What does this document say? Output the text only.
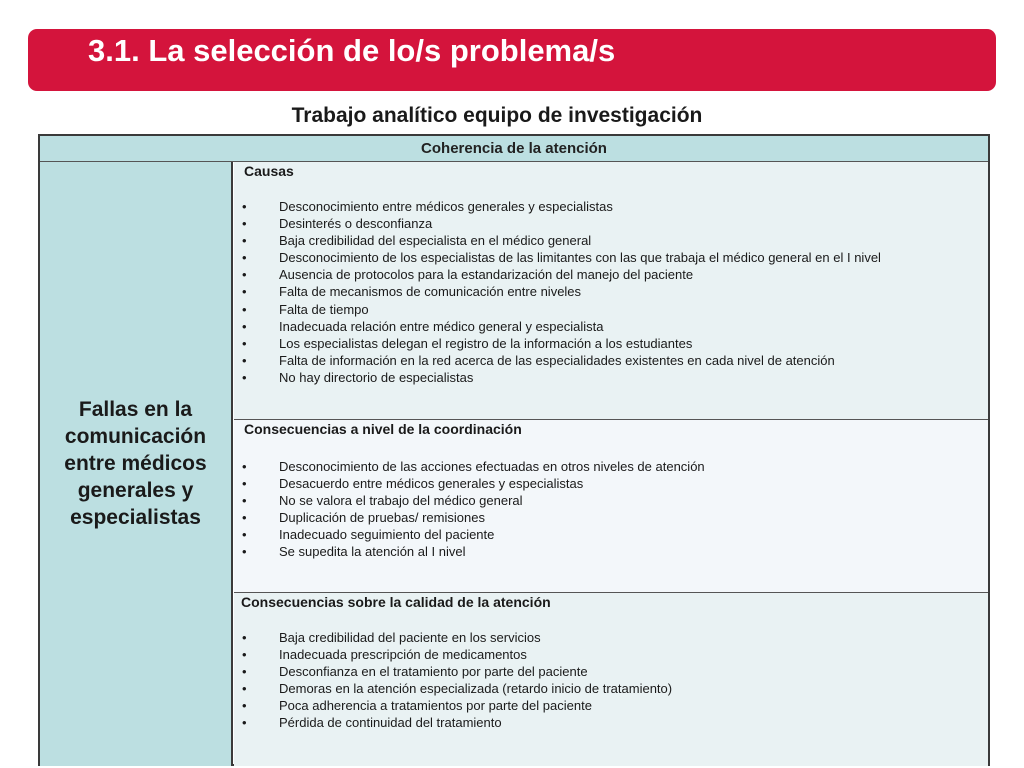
3.1. La selección de lo/s problema/s
Trabajo analítico equipo de investigación
Coherencia de la atención
Fallas en la
comunicación
entre médicos
generales y
especialistas
Causas
• Desconocimiento entre médicos generales y especialistas
• Desinterés o desconfianza
• Baja credibilidad del especialista en el médico general
• Desconocimiento de los especialistas de las limitantes con las que trabaja el médico general en el I nivel
• Ausencia de protocolos para la estandarización del manejo del paciente
• Falta de mecanismos de comunicación entre niveles
• Falta de tiempo
• Inadecuada relación entre médico general y especialista
• Los especialistas delegan el registro de la información a los estudiantes
• Falta de información en la red acerca de las especialidades existentes en cada nivel de atención
• No hay directorio de especialistas
Consecuencias a nivel de la coordinación
• Desconocimiento de las acciones efectuadas en otros niveles de atención
• Desacuerdo entre médicos generales y especialistas
• No se valora el trabajo del médico general
• Duplicación de pruebas/ remisiones
• Inadecuado seguimiento del paciente
• Se supedita la atención al I nivel
Consecuencias sobre la calidad de la atención
• Baja credibilidad del paciente en los servicios
• Inadecuada prescripción de medicamentos
• Desconfianza en el tratamiento por parte del paciente
• Demoras en la atención especializada (retardo inicio de tratamiento)
• Poca adherencia a tratamientos por parte del paciente
• Pérdida de continuidad del tratamiento
